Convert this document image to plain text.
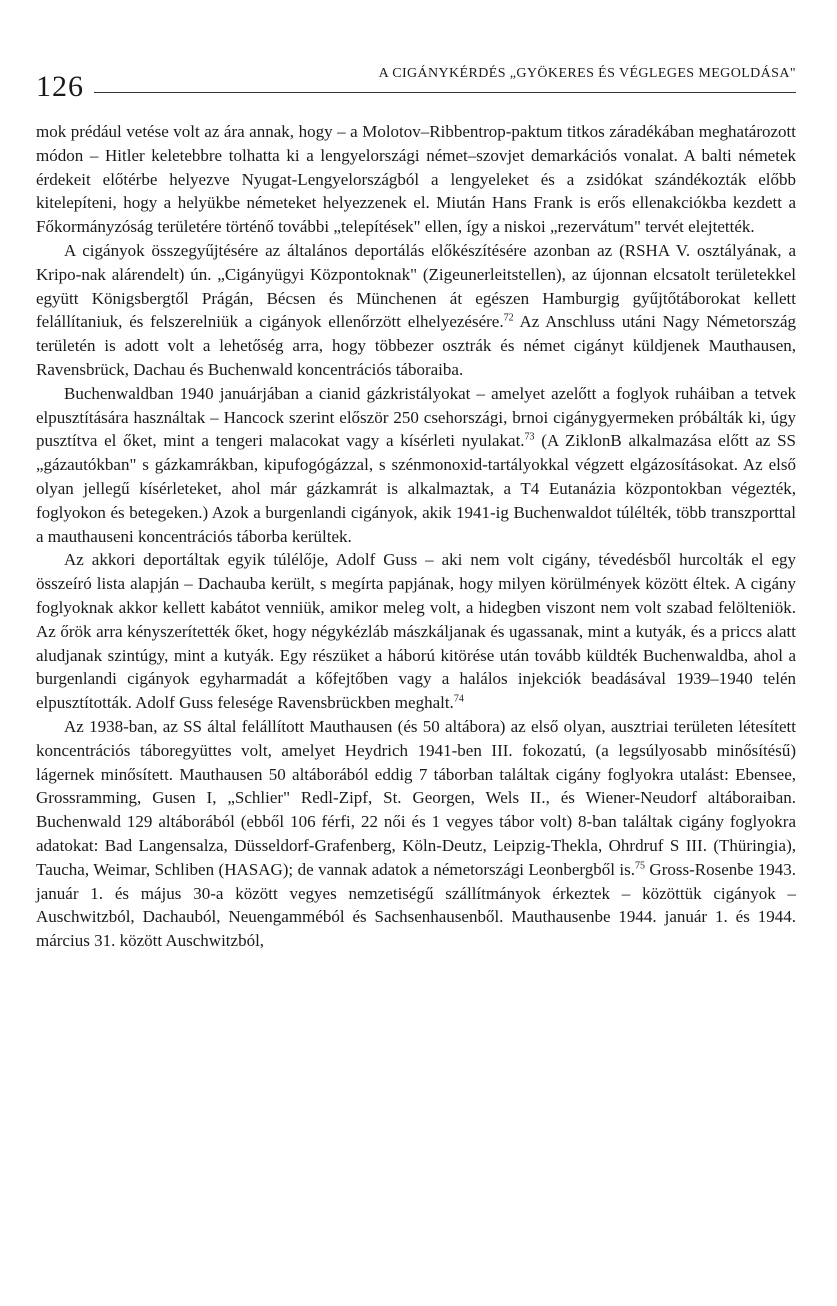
126	A CIGÁNYKÉRDÉS „GYÖKERES ÉS VÉGLEGES MEGOLDÁSA"

mok prédául vetése volt az ára annak, hogy – a Molotov–Ribbentrop-paktum titkos záradékában meghatározott módon – Hitler keletebbre tolhatta ki a lengyelországi német–szovjet demarkációs vonalat. A balti németek érdekeit előtérbe helyezve Nyugat-Lengyelországból a lengyeleket és a zsidókat szándékozták előbb kitelepíteni, hogy a helyükbe németeket helyezzenek el. Miután Hans Frank is erős ellenakciókba kezdett a Főkormányzóság területére történő további „telepítések" ellen, így a niskoi „rezervátum" tervét elejtették.

A cigányok összegyűjtésére az általános deportálás előkészítésére azonban az (RSHA V. osztályának, a Kripo-nak alárendelt) ún. „Cigányügyi Központoknak" (Zigeunerleitstellen), az újonnan elcsatolt területekkel együtt Königsbergtől Prágán, Bécsen és Münchenen át egészen Hamburgig gyűjtőtáborokat kellett felállítaniuk, és felszerelniük a cigányok ellenőrzött elhelyezésére.$^{72}$ Az Anschluss utáni Nagy Németország területén is adott volt a lehetőség arra, hogy többezer osztrák és német cigányt küldjenek Mauthausen, Ravensbrück, Dachau és Buchenwald koncentrációs táboraiba.

Buchenwaldban 1940 januárjában a cianid gázkristályokat – amelyet azelőtt a foglyok ruháiban a tetvek elpusztítására használtak – Hancock szerint először 250 csehországi, brnoi cigánygyermeken próbálták ki, úgy pusztítva el őket, mint a tengeri malacokat vagy a kísérleti nyulakat.$^{73}$ (A ZiklonB alkalmazása előtt az SS „gázautókban" s gázkamrákban, kipufogógázzal, s szénmonoxid-tartályokkal végzett elgázosításokat. Az első olyan jellegű kísérleteket, ahol már gázkamrát is alkalmaztak, a T4 Eutanázia központokban végezték, foglyokon és betegeken.) Azok a burgenlandi cigányok, akik 1941-ig Buchenwaldot túlélték, több transzporttal a mauthauseni koncentrációs táborba kerültek.

Az akkori deportáltak egyik túlélője, Adolf Guss – aki nem volt cigány, tévedésből hurcolták el egy összeíró lista alapján – Dachauba került, s megírta papjának, hogy milyen körülmények között éltek. A cigány foglyoknak akkor kellett kabátot venniük, amikor meleg volt, a hidegben viszont nem volt szabad felölteniök. Az őrök arra kényszerítették őket, hogy négykézláb mászkáljanak és ugassanak, mint a kutyák, és a priccs alatt aludjanak szintúgy, mint a kutyák. Egy részüket a háború kitörése után tovább küldték Buchenwaldba, ahol a burgenlandi cigányok egyharmadát a kőfejtőben vagy a halálos injekciók beadásával 1939–1940 telén elpusztították. Adolf Guss felesége Ravensbrückben meghalt.$^{74}$

Az 1938-ban, az SS által felállított Mauthausen (és 50 altábora) az első olyan, ausztriai területen létesített koncentrációs táboregyüttes volt, amelyet Heydrich 1941-ben III. fokozatú, (a legsúlyosabb minősítésű) lágernek minősített. Mauthausen 50 altáborából eddig 7 táborban találtak cigány foglyokra utalást: Ebensee, Grossramming, Gusen I, „Schlier" Redl-Zipf, St. Georgen, Wels II., és Wiener-Neudorf altáboraiban. Buchenwald 129 altáborából (ebből 106 férfi, 22 női és 1 vegyes tábor volt) 8-ban találtak cigány foglyokra adatokat: Bad Langensalza, Düsseldorf-Grafenberg, Köln-Deutz, Leipzig-Thekla, Ohrdruf S III. (Thüringia), Taucha, Weimar, Schliben (HASAG); de vannak adatok a németországi Leonbergből is.$^{75}$ Gross-Rosenbe 1943. január 1. és május 30-a között vegyes nemzetiségű szállítmányok érkeztek – közöttük cigányok – Auschwitzból, Dachauból, Neuengamméból és Sachsenhausenből. Mauthausenbe 1944. január 1. és 1944. március 31. között Auschwitzból,
